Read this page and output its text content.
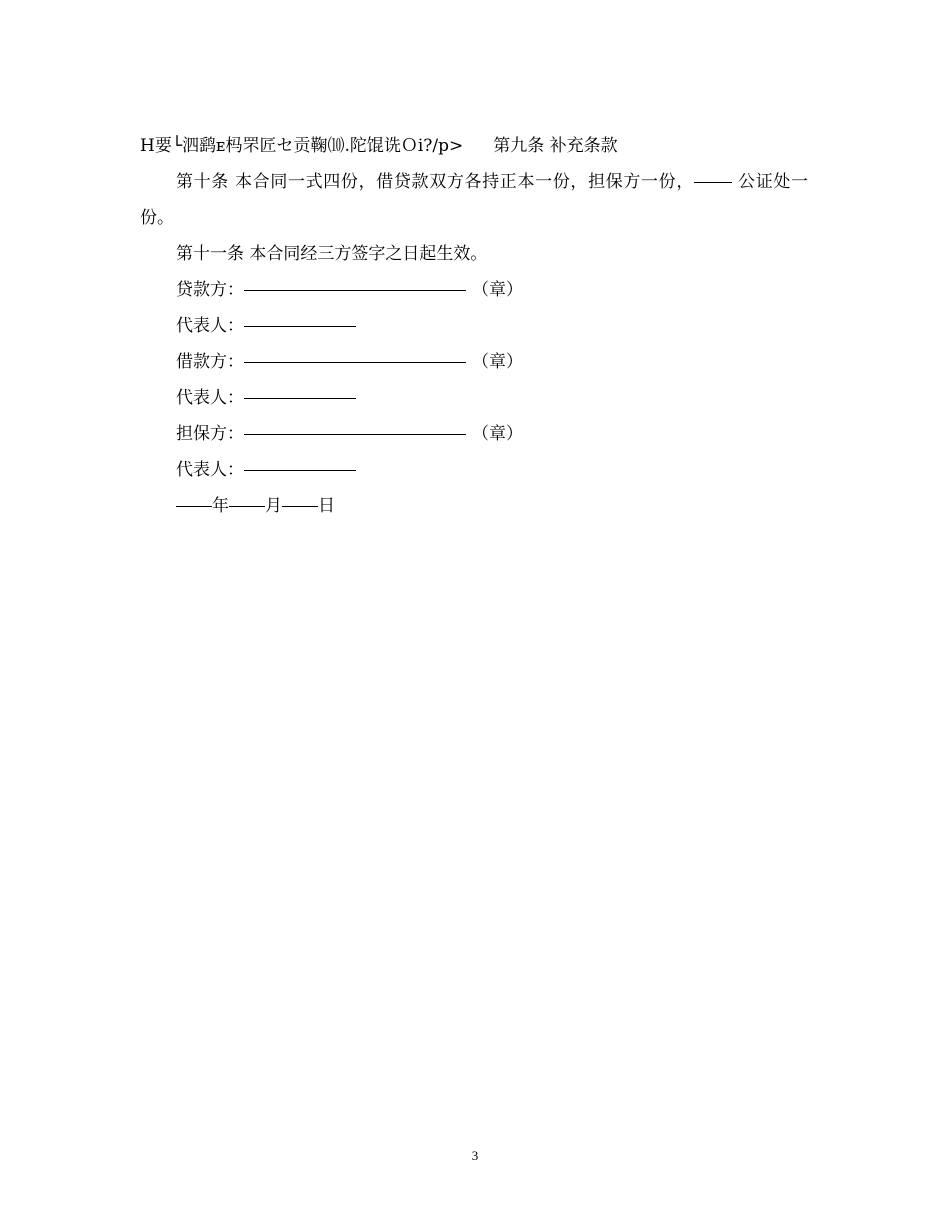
H要└泗鹞ᴇ杩罘匠セ贡鞠⑽.陀馄诜Ｏi?/p> 第九条 补充条款
第十条 本合同一式四份，借贷款双方各持正本一份，担保方一份，	公证处一份。
第十一条 本合同经三方签字之日起生效。
贷款方：	（章）
代表人：
借款方：	（章）
代表人：
担保方：	（章）
代表人：
年 月 日
3
